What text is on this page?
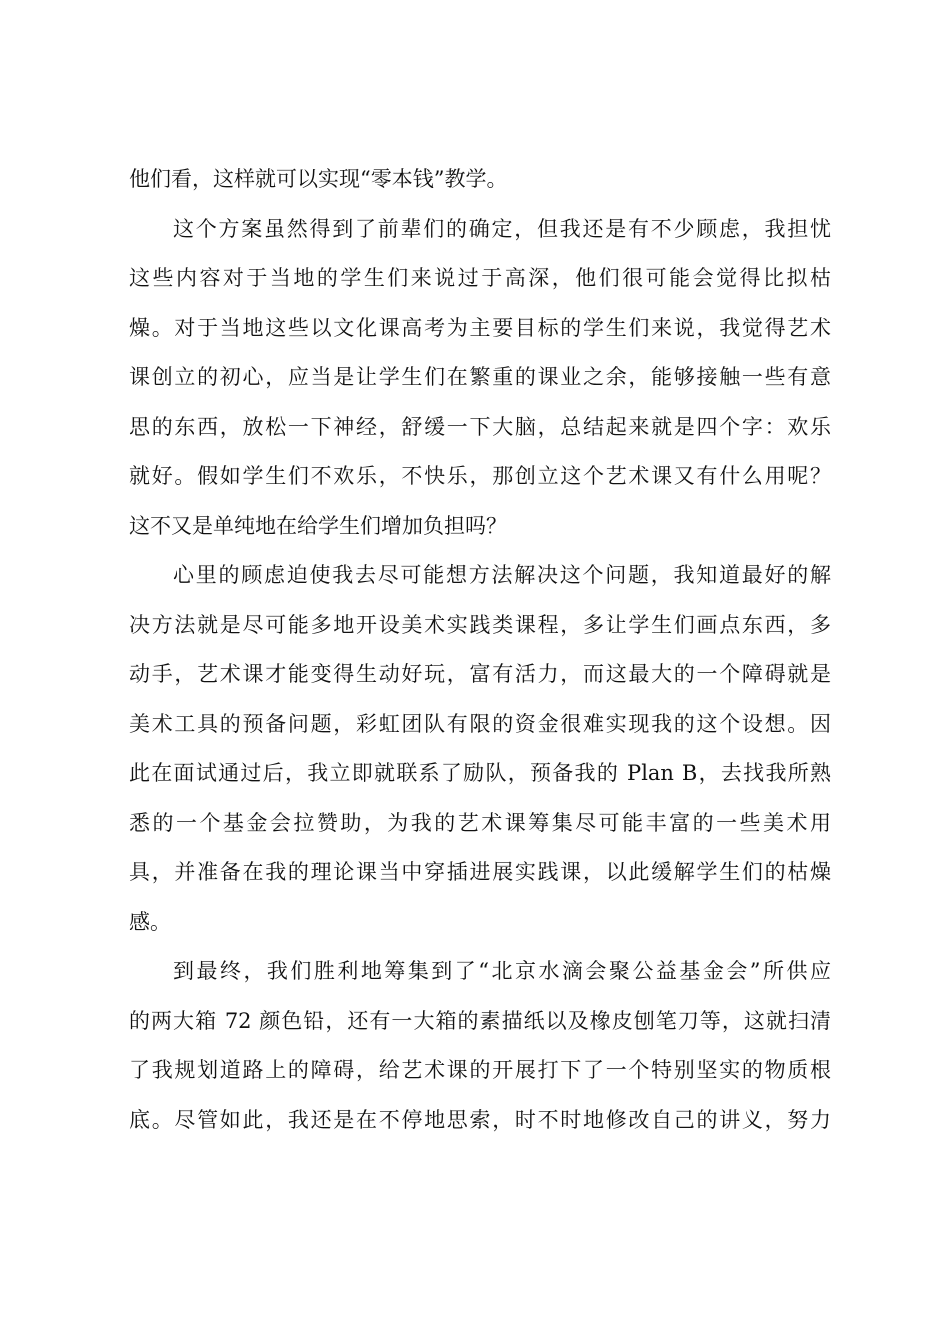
他们看，这样就可以实现“零本钱”教学。
这个方案虽然得到了前辈们的确定，但我还是有不少顾虑，我担忧
这些内容对于当地的学生们来说过于高深，他们很可能会觉得比拟枯
燥。对于当地这些以文化课高考为主要目标的学生们来说，我觉得艺术
课创立的初心，应当是让学生们在繁重的课业之余，能够接触一些有意
思的东西，放松一下神经，舒缓一下大脑，总结起来就是四个字：欢乐
就好。假如学生们不欢乐，不快乐，那创立这个艺术课又有什么用呢？
这不又是单纯地在给学生们增加负担吗？
心里的顾虑迫使我去尽可能想方法解决这个问题，我知道最好的解
决方法就是尽可能多地开设美术实践类课程，多让学生们画点东西，多
动手，艺术课才能变得生动好玩，富有活力，而这最大的一个障碍就是
美术工具的预备问题，彩虹团队有限的资金很难实现我的这个设想。因
此在面试通过后，我立即就联系了励队，预备我的 Plan B，去找我所熟
悉的一个基金会拉赞助，为我的艺术课筹集尽可能丰富的一些美术用
具，并准备在我的理论课当中穿插进展实践课，以此缓解学生们的枯燥
感。
到最终，我们胜利地筹集到了“北京水滴会聚公益基金会”所供应
的两大箱 72 颜色铅，还有一大箱的素描纸以及橡皮刨笔刀等，这就扫清
了我规划道路上的障碍，给艺术课的开展打下了一个特别坚实的物质根
底。尽管如此，我还是在不停地思索，时不时地修改自己的讲义，努力
